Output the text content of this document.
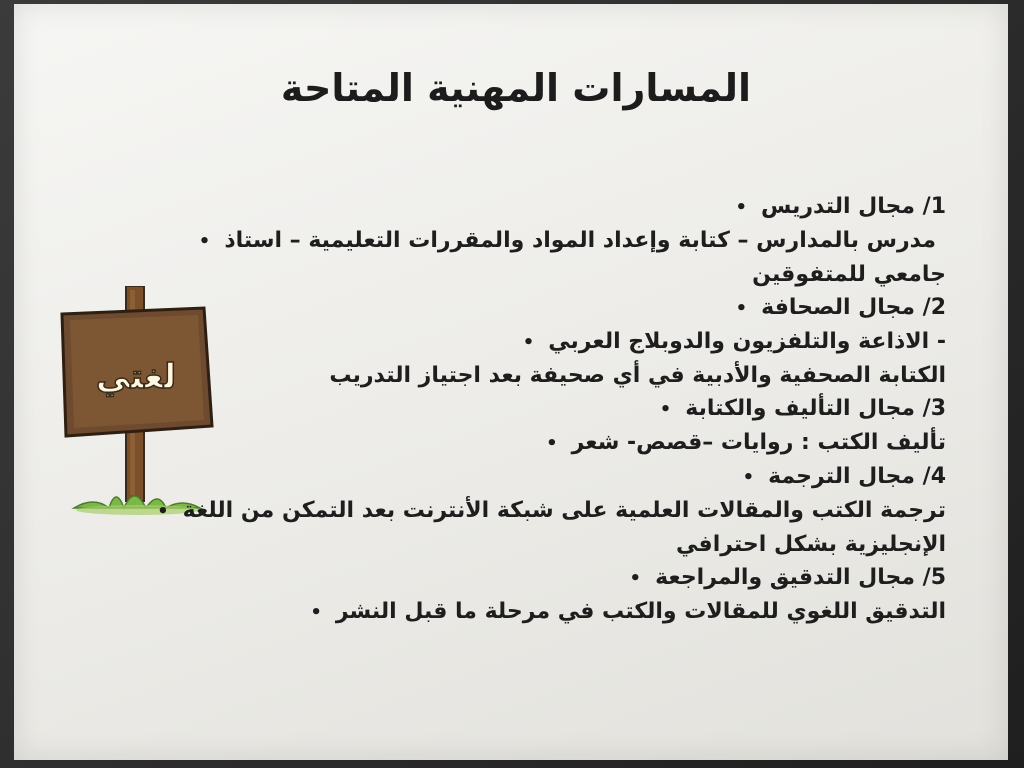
المسارات المهنية المتاحة
لغتي
1/ مجال التدريس•
مدرس بالمدارس – كتابة وإعداد المواد والمقررات التعليمية – استاذ•
جامعي للمتفوقين
2/ مجال الصحافة•
- الاذاعة والتلفزيون والدوبلاج العربي•
الكتابة الصحفية والأدبية في أي صحيفة بعد اجتياز التدريب
3/ مجال التأليف والكتابة•
تأليف الكتب : روايات –قصص- شعر•
4/ مجال الترجمة•
ترجمة الكتب والمقالات العلمية على شبكة الأنترنت بعد التمكن من اللغة•
الإنجليزية بشكل احترافي
5/ مجال التدقيق والمراجعة•
التدقيق اللغوي للمقالات والكتب في مرحلة ما قبل النشر•
